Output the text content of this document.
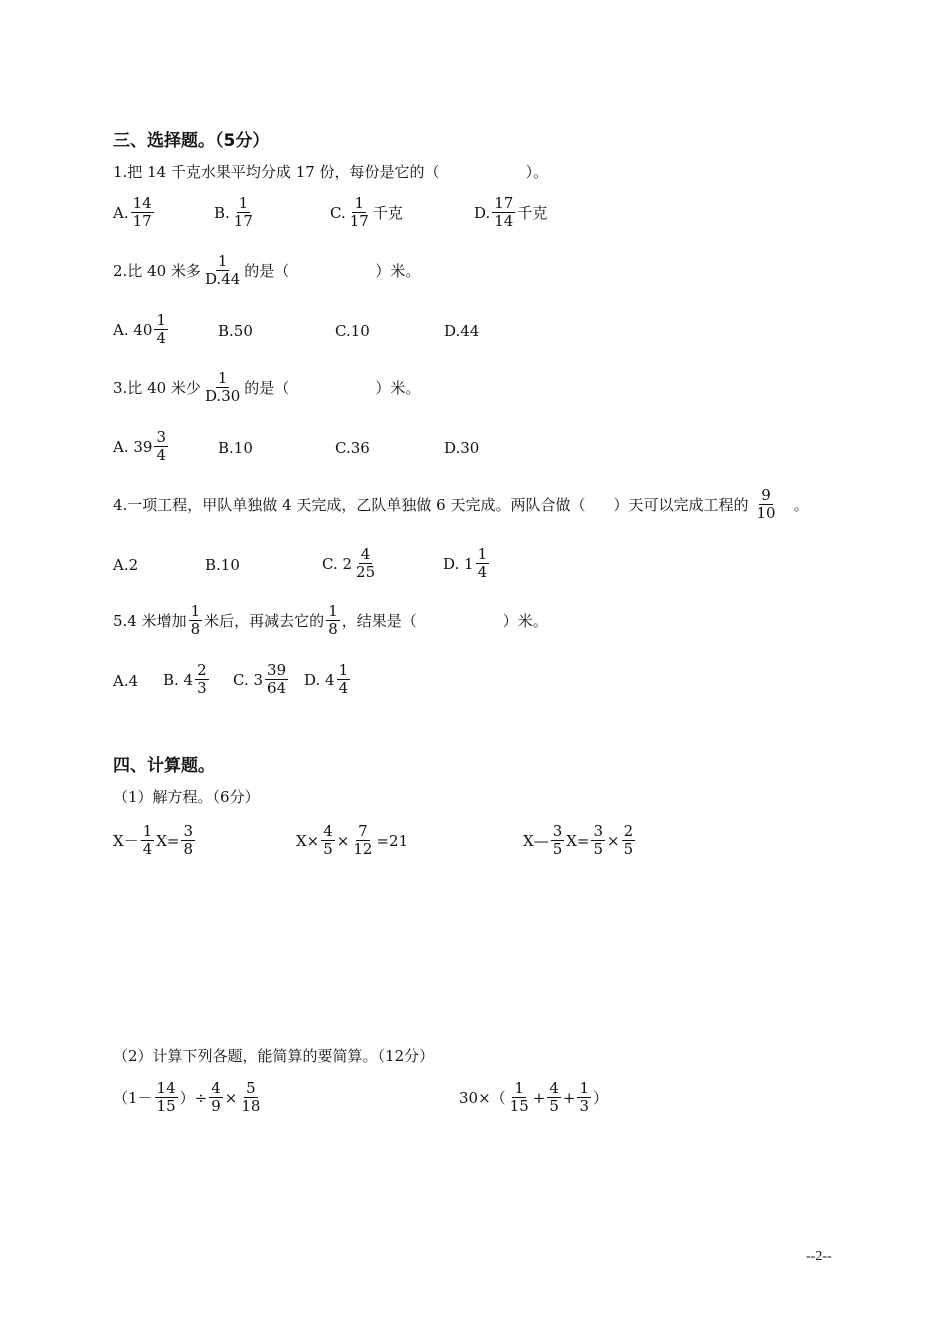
三、选择题。（5分）
1.把 14 千克水果平均分成 17 份，每份是它的（	）。
A. $\frac{14}{17}$	B. $\frac{1}{17}$	C. $\frac{1}{17}$ 千克	D. $\frac{17}{14}$ 千克
2.比 40 米多 $\frac{1}{D.44}$ 的是（	）米。
A. $40 \frac{1}{4}$	B.50	C.10	D.44
3.比 40 米少 $\frac{1}{D.30}$ 的是（	）米。
A. $39 \frac{3}{4}$	B.10	C.36	D.30
4.一项工程，甲队单独做 4 天完成，乙队单独做 6 天完成。两队合做（ ）天可以完成工程的 $\frac{9}{10}$ 。
A.2	B.10	C. $2 \frac{4}{25}$	D. $1 \frac{1}{4}$
5.4 米增加 $\frac{1}{8}$ 米后，再减去它的 $\frac{1}{8}$ ，结果是（	）米。
A.4 B. $4 \frac{2}{3} C$. $3 \frac{39}{64} D$. $4 \frac{1}{4}$
四、计算题。
（1）解方程。（6分）
$X- \frac{1}{4} X= \frac{3}{8}$	$X\times \frac{4}{5} \times \frac{7}{12} =21$	X— $\frac{3}{5} X= \frac{3}{5} \times \frac{2}{5}$
（2）计算下列各题，能简算的要简算。（12分）
（$1- \frac{14}{15}$ ）÷ $\frac{4}{9} \times \frac{5}{18}$	$30\times( \frac{1}{15} + \frac{4}{5} + \frac{1}{3}$ ）
--2--
